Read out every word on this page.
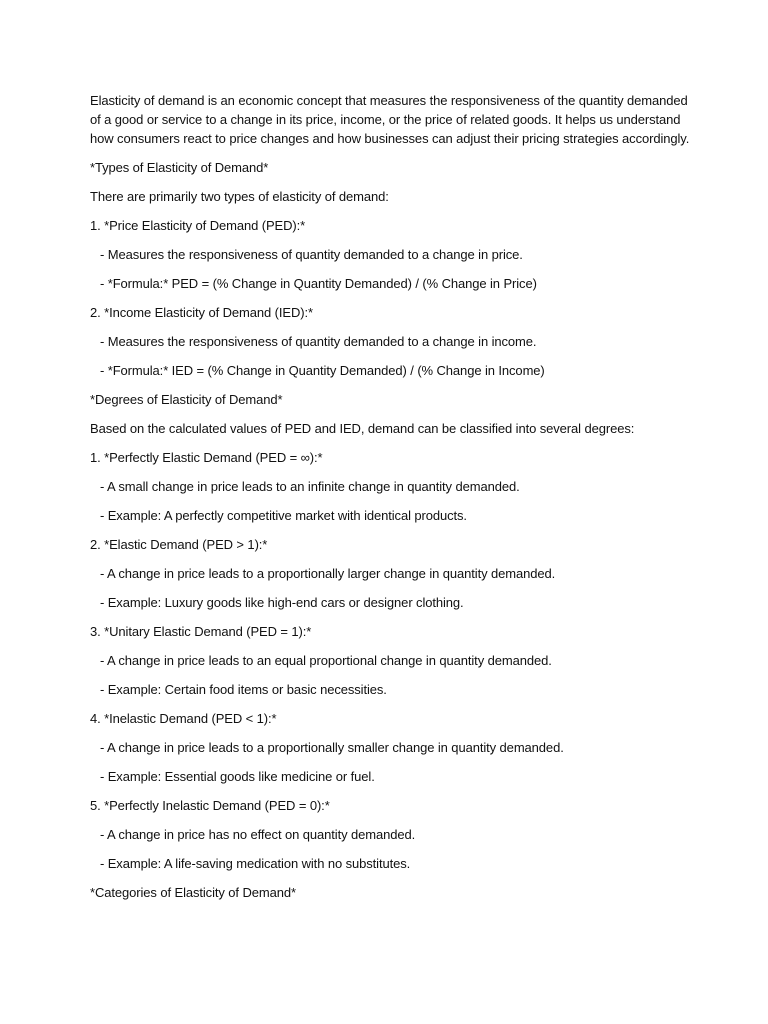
Elasticity of demand is an economic concept that measures the responsiveness of the quantity demanded of a good or service to a change in its price, income, or the price of related goods. It helps us understand how consumers react to price changes and how businesses can adjust their pricing strategies accordingly.

*Types of Elasticity of Demand*

There are primarily two types of elasticity of demand:

1. *Price Elasticity of Demand (PED):*

- Measures the responsiveness of quantity demanded to a change in price.

- *Formula:* PED = (% Change in Quantity Demanded) / (% Change in Price)

2. *Income Elasticity of Demand (IED):*

- Measures the responsiveness of quantity demanded to a change in income.

- *Formula:* IED = (% Change in Quantity Demanded) / (% Change in Income)

*Degrees of Elasticity of Demand*

Based on the calculated values of PED and IED, demand can be classified into several degrees:

1. *Perfectly Elastic Demand (PED = ∞):*

- A small change in price leads to an infinite change in quantity demanded.

- Example: A perfectly competitive market with identical products.

2. *Elastic Demand (PED > 1):*

- A change in price leads to a proportionally larger change in quantity demanded.

- Example: Luxury goods like high-end cars or designer clothing.

3. *Unitary Elastic Demand (PED = 1):*

- A change in price leads to an equal proportional change in quantity demanded.

- Example: Certain food items or basic necessities.

4. *Inelastic Demand (PED < 1):*

- A change in price leads to a proportionally smaller change in quantity demanded.

- Example: Essential goods like medicine or fuel.

5. *Perfectly Inelastic Demand (PED = 0):*

- A change in price has no effect on quantity demanded.

- Example: A life-saving medication with no substitutes.

*Categories of Elasticity of Demand*
